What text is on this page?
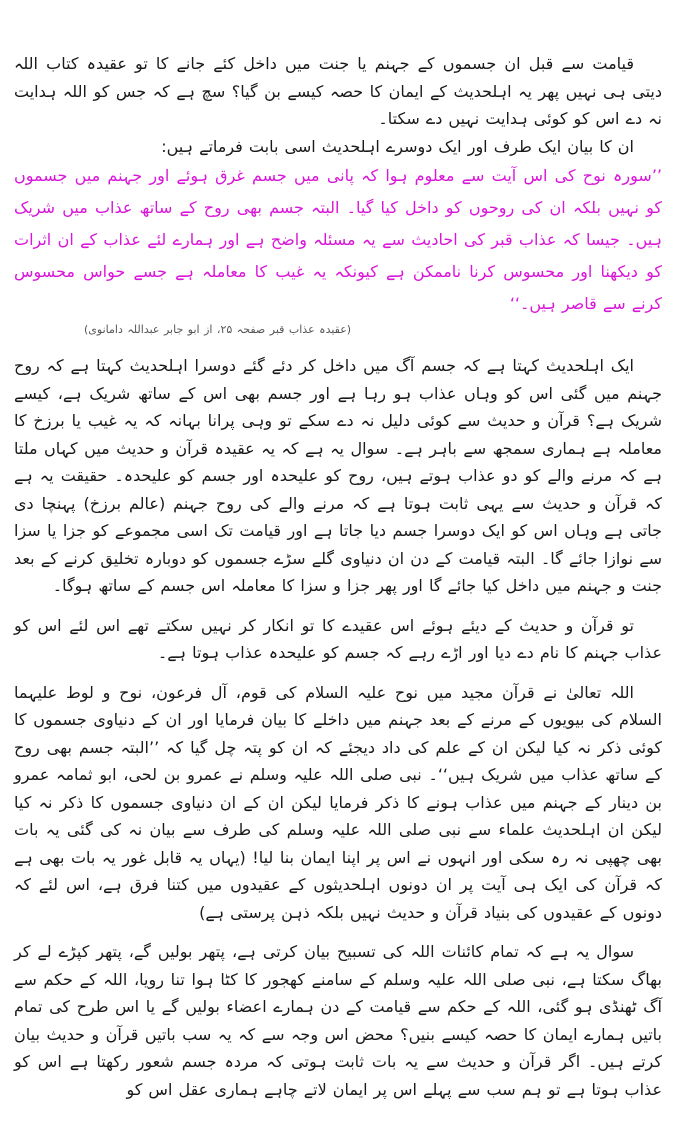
قیامت سے قبل ان جسموں کے جہنم یا جنت میں داخل کئے جانے کا تو عقیدہ کتاب اللہ دیتی ہی نہیں پھر یہ اہلحدیث کے ایمان کا حصہ کیسے بن گیا؟ سچ ہے کہ جس کو اللہ ہدایت نہ دے اس کو کوئی ہدایت نہیں دے سکتا۔

ان کا بیان ایک طرف اور ایک دوسرے اہلحدیث اسی بابت فرماتے ہیں:

’’سورہ نوح کی اس آیت سے معلوم ہوا کہ پانی میں جسم غرق ہوئے اور جہنم میں جسموں کو نہیں بلکہ ان کی روحوں کو داخل کیا گیا۔ البتہ جسم بھی روح کے ساتھ عذاب میں شریک ہیں۔ جیسا کہ عذاب قبر کی احادیث سے یہ مسئلہ واضح ہے اور ہمارے لئے عذاب کے ان اثرات کو دیکھنا اور محسوس کرنا ناممکن ہے کیونکہ یہ غیب کا معاملہ ہے جسے حواس محسوس کرنے سے قاصر ہیں۔‘‘

(عقیدہ عذاب قبر صفحہ ۲۵، از ابو جابر عبداللہ دامانوی)

ایک اہلحدیث کہتا ہے کہ جسم آگ میں داخل کر دئے گئے دوسرا اہلحدیث کہتا ہے کہ روح جہنم میں گئی اس کو وہاں عذاب ہو رہا ہے اور جسم بھی اس کے ساتھ شریک ہے، کیسے شریک ہے؟ قرآن و حدیث سے کوئی دلیل نہ دے سکے تو وہی پرانا بہانہ کہ یہ غیب یا برزخ کا معاملہ ہے ہماری سمجھ سے باہر ہے۔ سوال یہ ہے کہ یہ عقیدہ قرآن و حدیث میں کہاں ملتا ہے کہ مرنے والے کو دو عذاب ہوتے ہیں، روح کو علیحدہ اور جسم کو علیحدہ۔ حقیقت یہ ہے کہ قرآن و حدیث سے یہی ثابت ہوتا ہے کہ مرنے والے کی روح جہنم (عالم برزخ) پہنچا دی جاتی ہے وہاں اس کو ایک دوسرا جسم دیا جاتا ہے اور قیامت تک اسی مجموعے کو جزا یا سزا سے نوازا جائے گا۔ البتہ قیامت کے دن ان دنیاوی گلے سڑے جسموں کو دوبارہ تخلیق کرنے کے بعد جنت و جہنم میں داخل کیا جائے گا اور پھر جزا و سزا کا معاملہ اس جسم کے ساتھ ہوگا۔

تو قرآن و حدیث کے دیئے ہوئے اس عقیدے کا تو انکار کر نہیں سکتے تھے اس لئے اس کو عذاب جہنم کا نام دے دیا اور اڑے رہے کہ جسم کو علیحدہ عذاب ہوتا ہے۔

اللہ تعالیٰ نے قرآن مجید میں نوح علیہ السلام کی قوم، آل فرعون، نوح و لوط علیہما السلام کی بیویوں کے مرنے کے بعد جہنم میں داخلے کا بیان فرمایا اور ان کے دنیاوی جسموں کا کوئی ذکر نہ کیا لیکن ان کے علم کی داد دیجئے کہ ان کو پتہ چل گیا کہ ’’البتہ جسم بھی روح کے ساتھ عذاب میں شریک ہیں‘‘۔ نبی صلی اللہ علیہ وسلم نے عمرو بن لحی، ابو ثمامہ عمرو بن دینار کے جہنم میں عذاب ہونے کا ذکر فرمایا لیکن ان کے ان دنیاوی جسموں کا ذکر نہ کیا لیکن ان اہلحدیث علماء سے نبی صلی اللہ علیہ وسلم کی طرف سے بیان نہ کی گئی یہ بات بھی چھپی نہ رہ سکی اور انہوں نے اس پر اپنا ایمان بنا لیا! (یہاں یہ قابل غور یہ بات بھی ہے کہ قرآن کی ایک ہی آیت پر ان دونوں اہلحدیثوں کے عقیدوں میں کتنا فرق ہے، اس لئے کہ دونوں کے عقیدوں کی بنیاد قرآن و حدیث نہیں بلکہ ذہن پرستی ہے)

سوال یہ ہے کہ تمام کائنات اللہ کی تسبیح بیان کرتی ہے، پتھر بولیں گے، پتھر کپڑے لے کر بھاگ سکتا ہے، نبی صلی اللہ علیہ وسلم کے سامنے کھجور کا کٹا ہوا تنا رویا، اللہ کے حکم سے آگ ٹھنڈی ہو گئی، اللہ کے حکم سے قیامت کے دن ہمارے اعضاء بولیں گے یا اس طرح کی تمام باتیں ہمارے ایمان کا حصہ کیسے بنیں؟ محض اس وجہ سے کہ یہ سب باتیں قرآن و حدیث بیان کرتے ہیں۔ اگر قرآن و حدیث سے یہ بات ثابت ہوتی کہ مردہ جسم شعور رکھتا ہے اس کو عذاب ہوتا ہے تو ہم سب سے پہلے اس پر ایمان لاتے چاہے ہماری عقل اس کو
